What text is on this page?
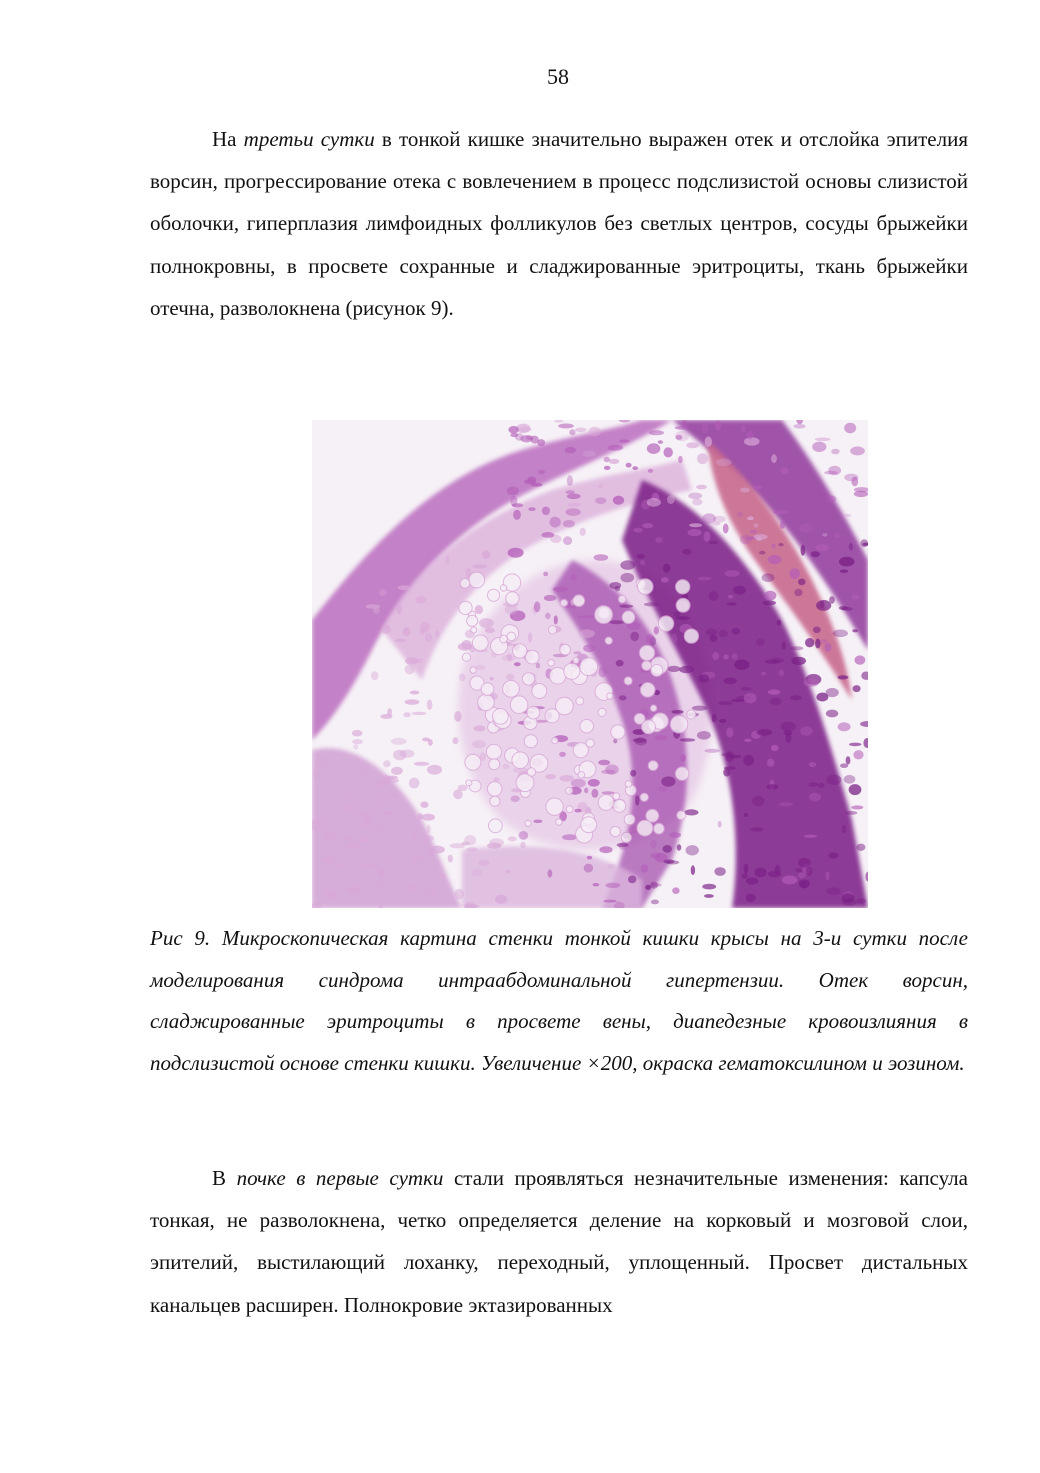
58
На третьи сутки в тонкой кишке значительно выражен отек и отслойка эпителия ворсин, прогрессирование отека с вовлечением в процесс подслизистой основы слизистой оболочки, гиперплазия лимфоидных фолликулов без светлых центров, сосуды брыжейки полнокровны, в просвете сохранные и сладжированные эритроциты, ткань брыжейки отечна, разволокнена (рисунок 9).
Рис 9. Микроскопическая картина стенки тонкой кишки крысы на 3-и сутки после моделирования синдрома интраабдоминальной гипертензии. Отек ворсин, сладжированные эритроциты в просвете вены, диапедезные кровоизлияния в подслизистой основе стенки кишки. Увеличение ×200, окраска гематоксилином и эозином.
В почке в первые сутки стали проявляться незначительные изменения: капсула тонкая, не разволокнена, четко определяется деление на корковый и мозговой слои, эпителий, выстилающий лоханку, переходный, уплощенный. Просвет дистальных канальцев расширен. Полнокровие эктазированных
